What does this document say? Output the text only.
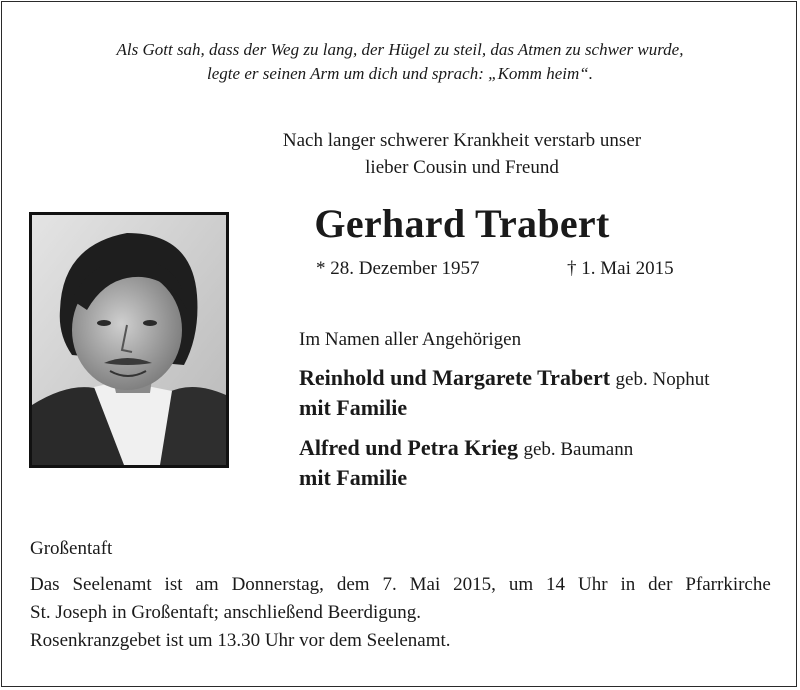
Als Gott sah, dass der Weg zu lang, der Hügel zu steil, das Atmen zu schwer wurde,
legte er seinen Arm um dich und sprach: „Komm heim“.
Nach langer schwerer Krankheit verstarb unser
lieber Cousin und Freund
Gerhard Trabert
* 28. Dezember 1957	† 1. Mai 2015
Im Namen aller Angehörigen
Reinhold und Margarete Trabert geb. Nophut
mit Familie
Alfred und Petra Krieg geb. Baumann
mit Familie
Großentaft
Das Seelenamt ist am Donnerstag, dem 7. Mai 2015, um 14 Uhr in der Pfarrkirche
St. Joseph in Großentaft; anschließend Beerdigung.
Rosenkranzgebet ist um 13.30 Uhr vor dem Seelenamt.
